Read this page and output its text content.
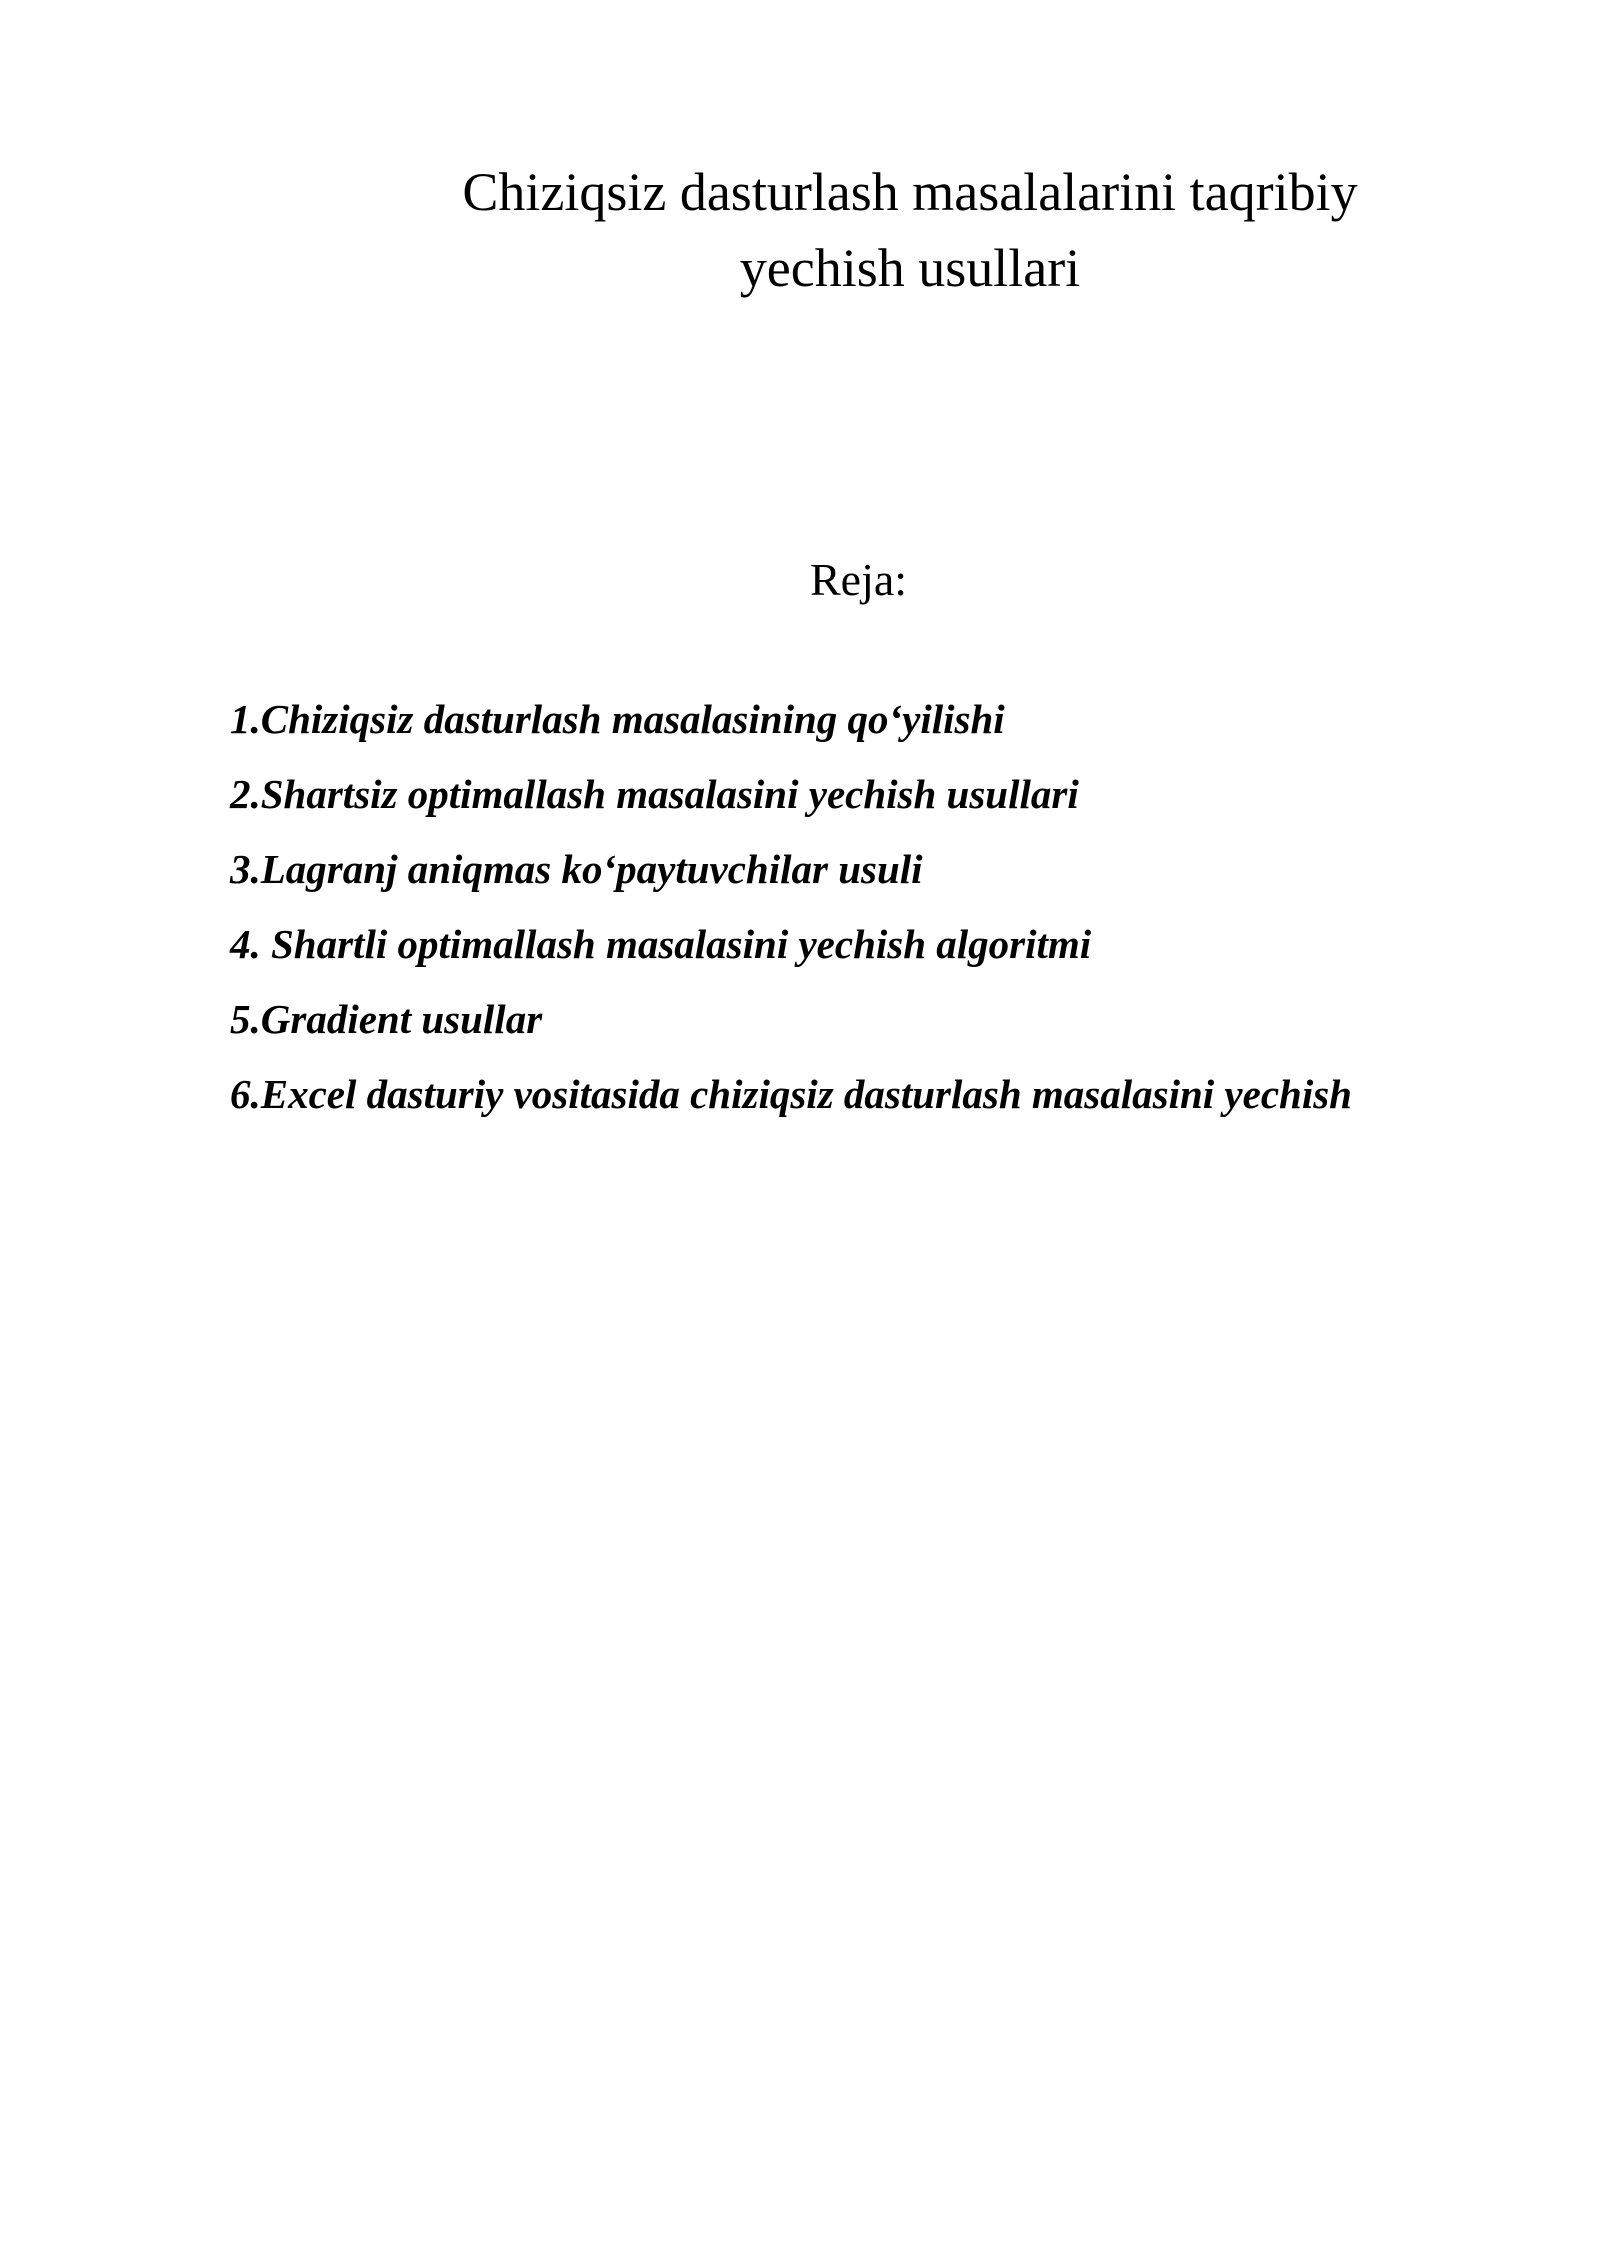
Chiziqsiz dasturlash masalalarini taqribiy
yechish usullari
Reja:
1.Chiziqsiz dasturlash masalasining qo‘yilishi
2.Shartsiz optimallash masalasini yechish usullari
3.Lagranj aniqmas ko‘paytuvchilar usuli
4. Shartli optimallash masalasini yechish algoritmi
5.Gradient usullar
6.Excel dasturiy vositasida chiziqsiz dasturlash masalasini yechish
